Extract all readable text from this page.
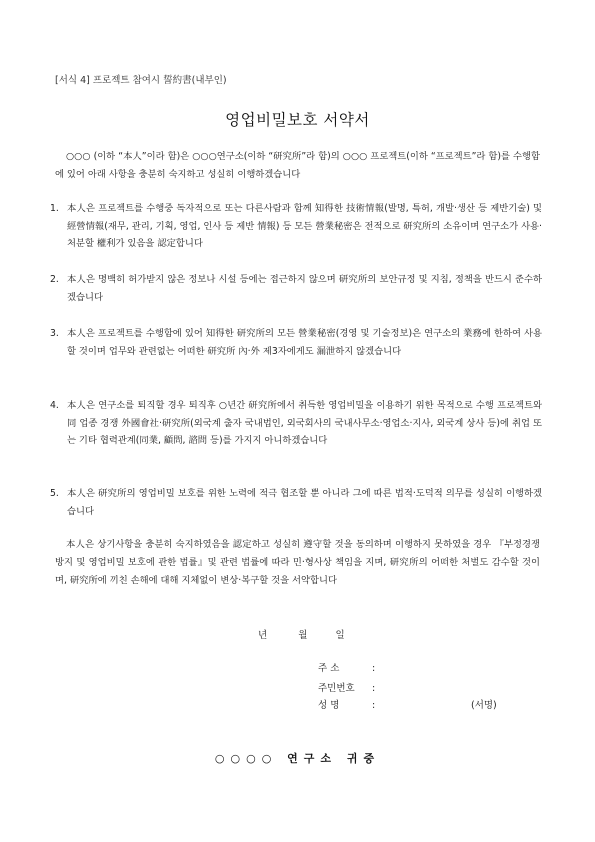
[서식 4] 프로젝트 참여시 誓約書(내부인)
영업비밀보호 서약서
○○○ (이하 “本人”이라 함)은 ○○○연구소(이하 “研究所”라 함)의 ○○○ 프로젝트(이하 “프로젝트”라 함)를 수행함에 있어 아래 사항을 충분히 숙지하고 성실히 이행하겠습니다
1. 本人은 프로젝트를 수행중 독자적으로 또는 다른사람과 함께 知得한 技術情報(발명, 특허, 개발·생산 등 제반기술) 및 經營情報(재무, 관리, 기획, 영업, 인사 등 제반 情報) 등 모든 營業秘密은 전적으로 研究所의 소유이며 연구소가 사용·처분할 權利가 있음을 認定합니다
2. 本人은 명백히 허가받지 않은 정보나 시설 등에는 접근하지 않으며 研究所의 보안규정 및 지침, 정책을 반드시 준수하겠습니다
3. 本人은 프로젝트를 수행함에 있어 知得한 研究所의 모든 營業秘密(경영 및 기술정보)은 연구소의 業務에 한하여 사용할 것이며 업무와 관련없는 어떠한 研究所 內·外 제3자에게도 漏泄하지 않겠습니다
4. 本人은 연구소를 퇴직할 경우 퇴직후 ○년간 研究所에서 취득한 영업비밀을 이용하기 위한 목적으로 수행 프로젝트와 同 업종 경쟁 外國會社·研究所(외국계 출자 국내법인, 외국회사의 국내사무소·영업소·지사, 외국계 상사 등)에 취업 또는 기타 협력관계(同業, 顧問, 諮問 등)를 가지지 아니하겠습니다
5. 本人은 研究所의 영업비밀 보호를 위한 노력에 적극 협조할 뿐 아니라 그에 따른 법적·도덕적 의무를 성실히 이행하겠습니다
本人은 상기사항을 충분히 숙지하였음을 認定하고 성실히 遵守할 것을 동의하며 이행하지 못하였을 경우 『부정경쟁 방지 및 영업비밀 보호에 관한 법률』및 관련 법률에 따라 민·형사상 책임을 지며, 研究所의 어떠한 처벌도 감수할 것이며, 研究所에 끼친 손해에 대해 지체없이 변상·복구할 것을 서약합니다
년	월	일
주 소	:
주민번호 :
성 명	:	(서명)
○○○○ 연구소 귀중
